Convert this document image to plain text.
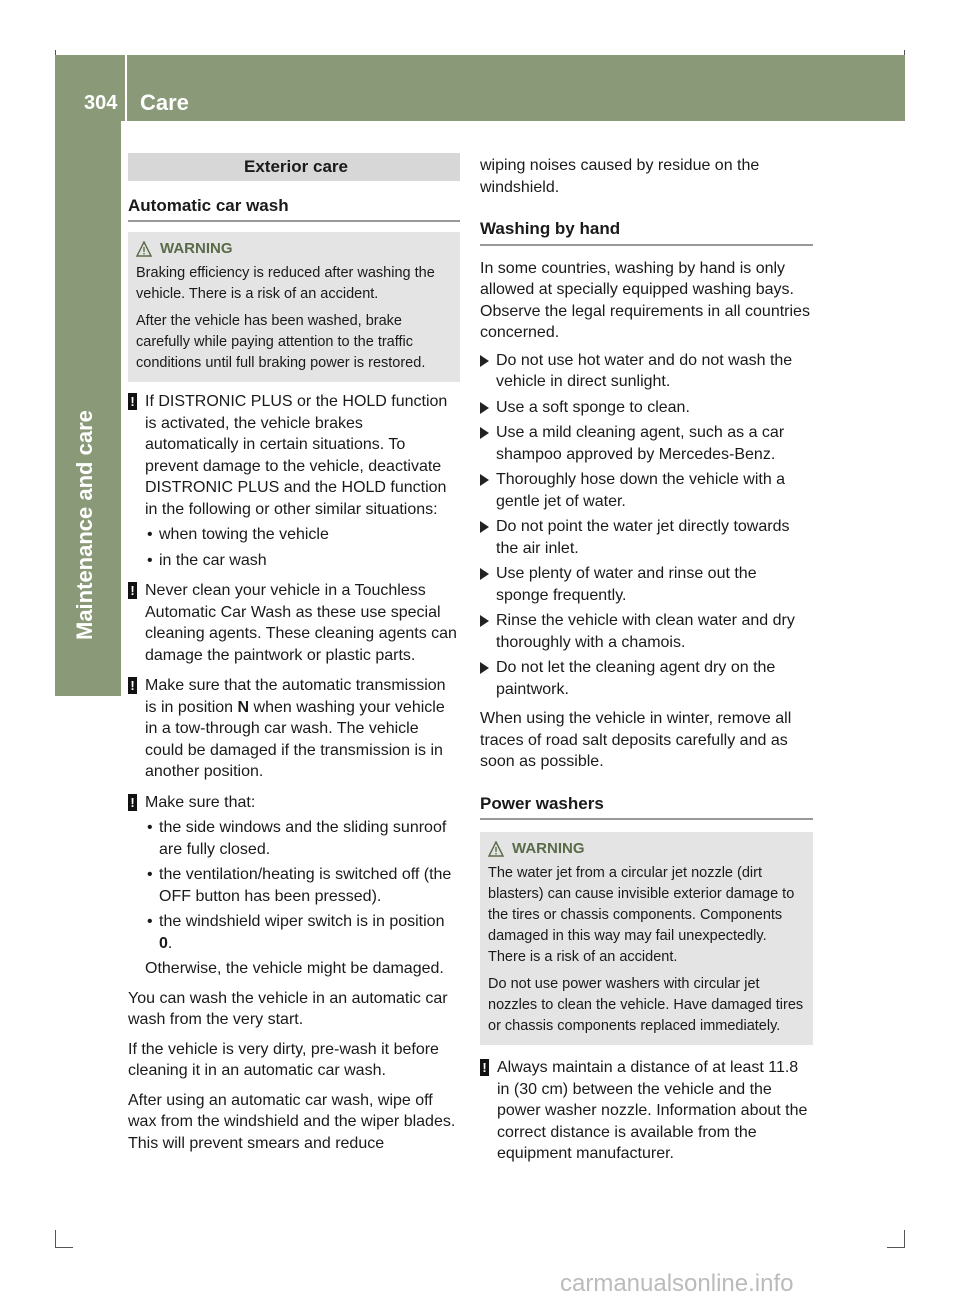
304 Care
Maintenance and care
Exterior care
Automatic car wash
WARNING

Braking efficiency is reduced after washing the vehicle. There is a risk of an accident.

After the vehicle has been washed, brake carefully while paying attention to the traffic conditions until full braking power is restored.

! If DISTRONIC PLUS or the HOLD function is activated, the vehicle brakes automatically in certain situations. To prevent damage to the vehicle, deactivate DISTRONIC PLUS and the HOLD function in the following or other similar situations:
• when towing the vehicle
• in the car wash
! Never clean your vehicle in a Touchless Automatic Car Wash as these use special cleaning agents. These cleaning agents can damage the paintwork or plastic parts.
! Make sure that the automatic transmission is in position N when washing your vehicle in a tow-through car wash. The vehicle could be damaged if the transmission is in another position.
! Make sure that:
• the side windows and the sliding sunroof are fully closed.
• the ventilation/heating is switched off (the OFF button has been pressed).
• the windshield wiper switch is in position 0.
Otherwise, the vehicle might be damaged.

You can wash the vehicle in an automatic car wash from the very start.

If the vehicle is very dirty, pre-wash it before cleaning it in an automatic car wash.

After using an automatic car wash, wipe off wax from the windshield and the wiper blades. This will prevent smears and reduce

wiping noises caused by residue on the windshield.

Washing by hand

In some countries, washing by hand is only allowed at specially equipped washing bays. Observe the legal requirements in all countries concerned.

Do not use hot water and do not wash the vehicle in direct sunlight.
Use a soft sponge to clean.
Use a mild cleaning agent, such as a car shampoo approved by Mercedes-Benz.
Thoroughly hose down the vehicle with a gentle jet of water.
Do not point the water jet directly towards the air inlet.
Use plenty of water and rinse out the sponge frequently.
Rinse the vehicle with clean water and dry thoroughly with a chamois.
Do not let the cleaning agent dry on the paintwork.

When using the vehicle in winter, remove all traces of road salt deposits carefully and as soon as possible.

Power washers
WARNING

The water jet from a circular jet nozzle (dirt blasters) can cause invisible exterior damage to the tires or chassis components. Components damaged in this way may fail unexpectedly. There is a risk of an accident.

Do not use power washers with circular jet nozzles to clean the vehicle. Have damaged tires or chassis components replaced immediately.

! Always maintain a distance of at least 11.8 in (30 cm) between the vehicle and the power washer nozzle. Information about the correct distance is available from the equipment manufacturer.
carmanualsonline.info
